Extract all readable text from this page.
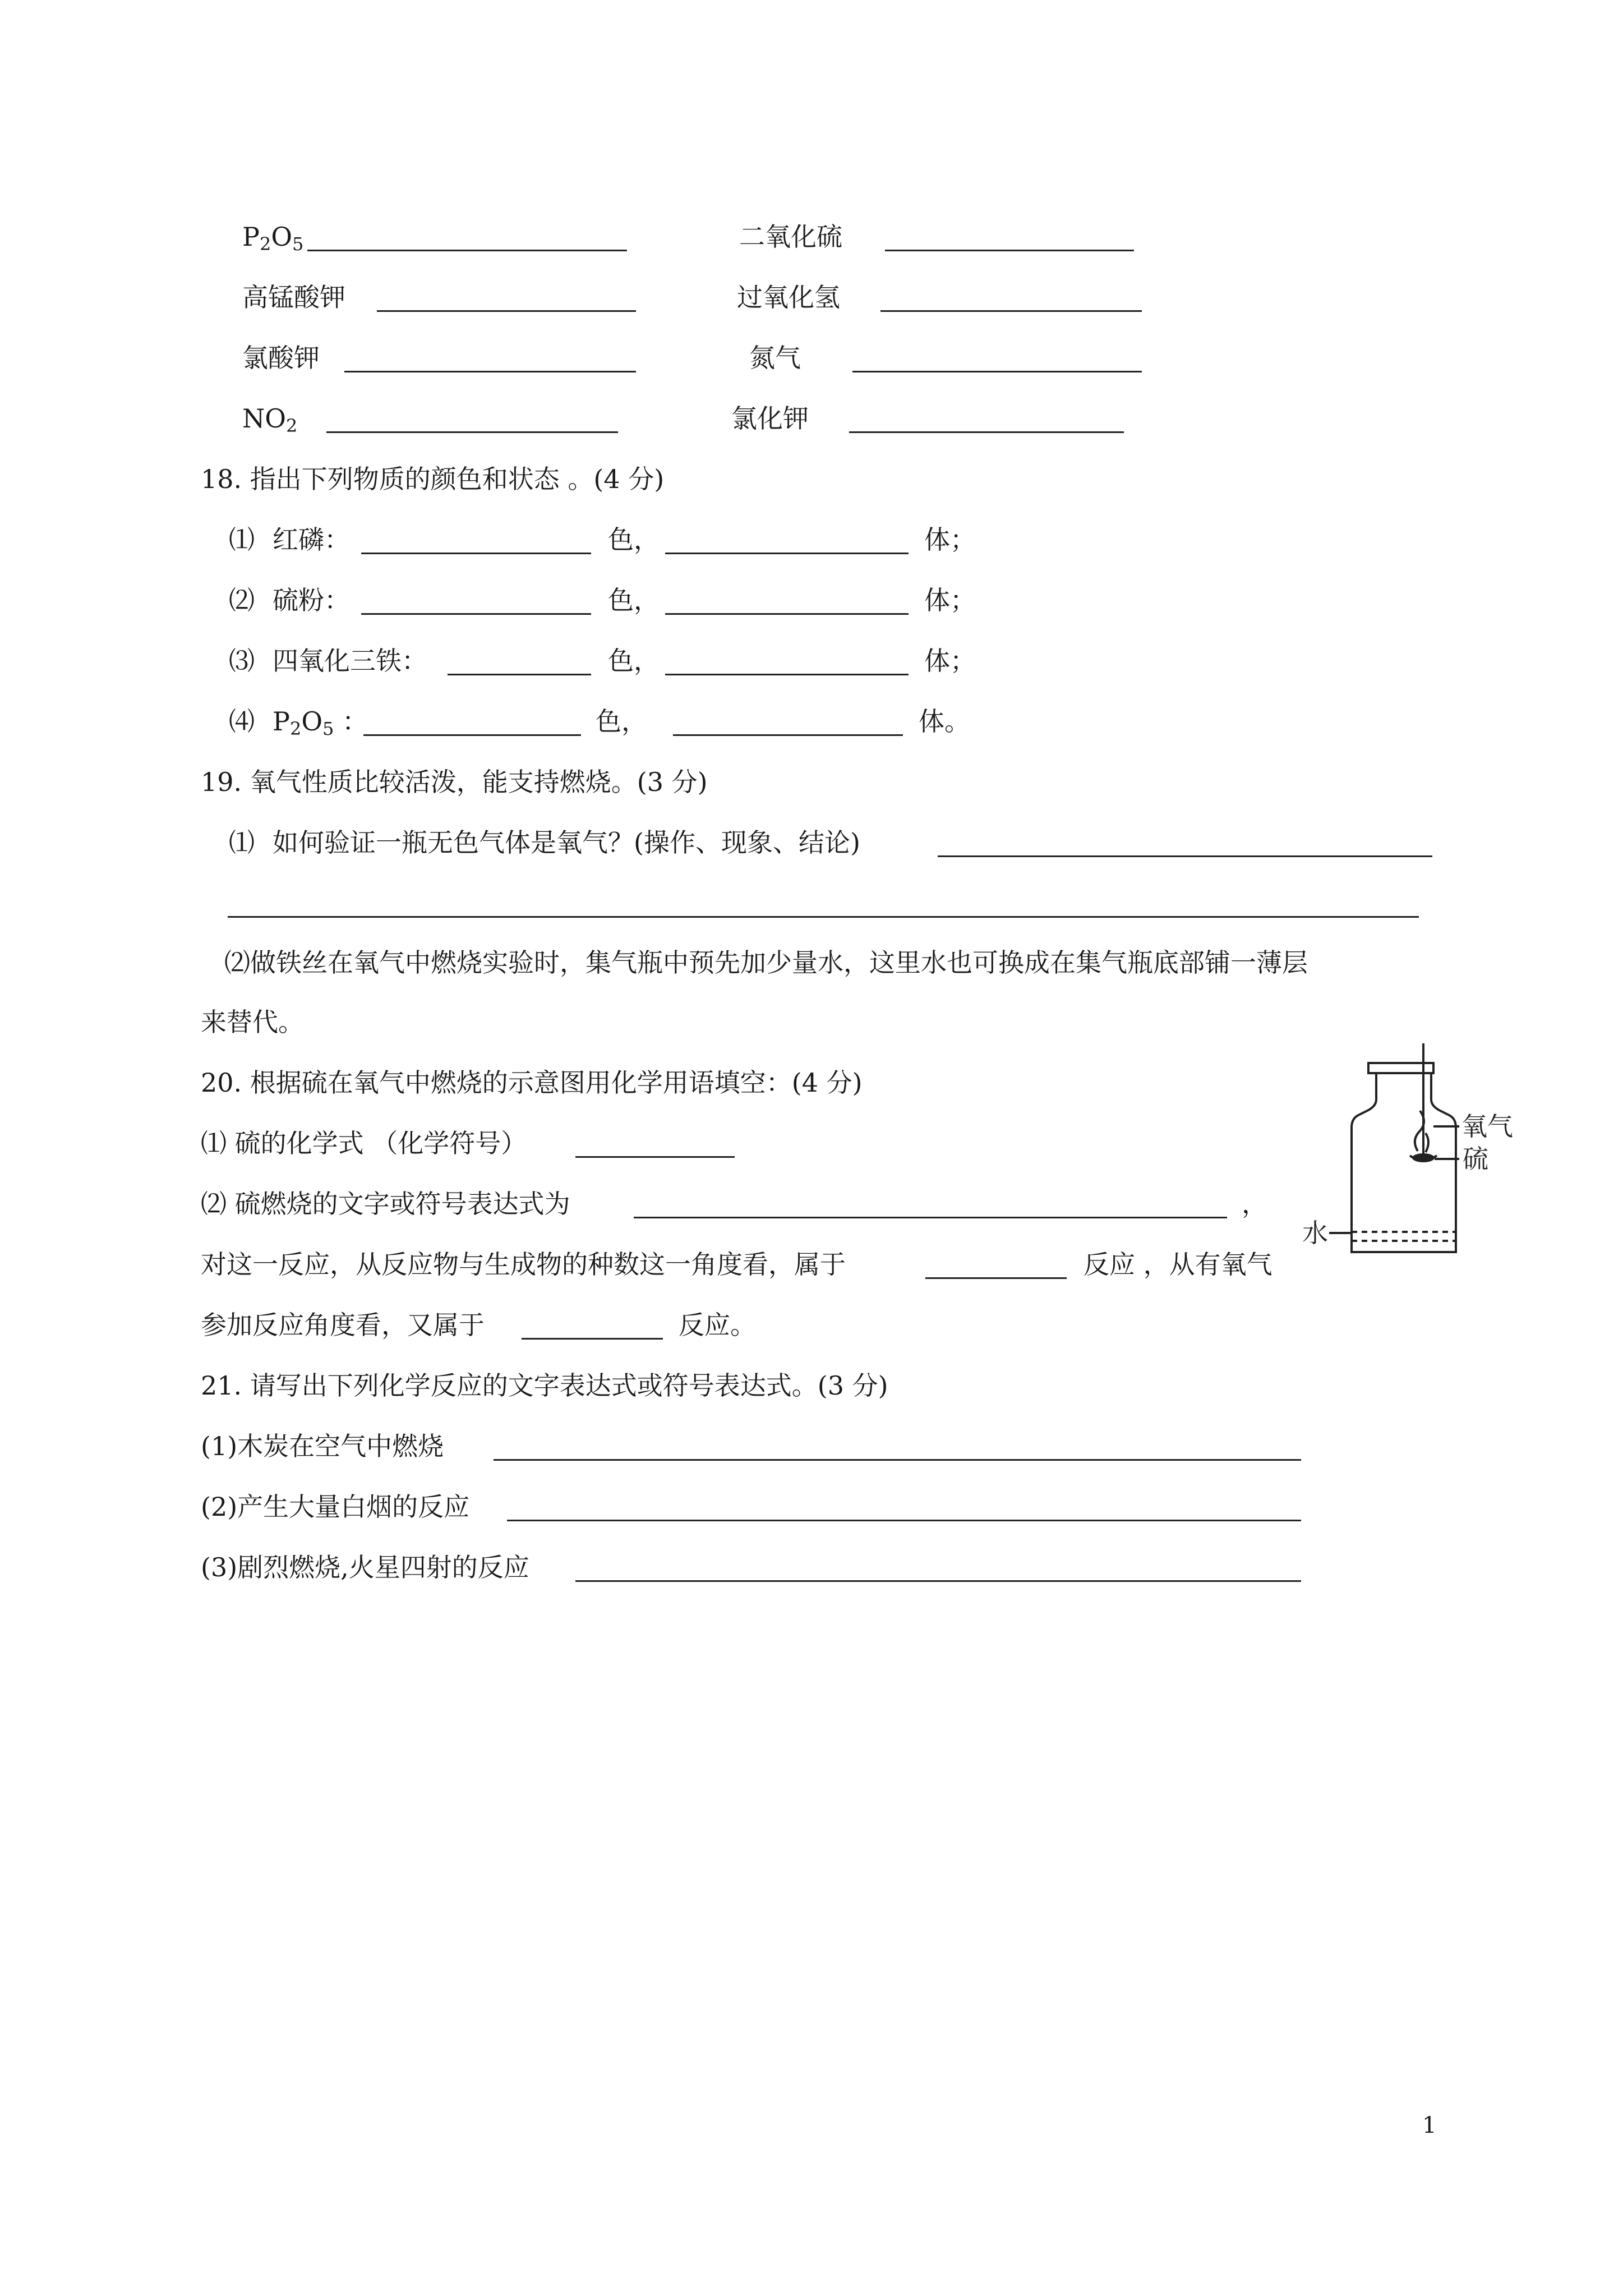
$P_2O_5$	二氧化硫
高锰酸钾	过氧化氢
氯酸钾	氮气
$NO_2$	氯化钾
18. 指出下列物质的颜色和状态 。(4 分)
⑴ 红磷：	色，	体；
⑵ 硫粉：	色，	体；
⑶ 四氧化三铁：	色，	体；
⑷ $P_2O_5$ ：	色，	体。
19. 氧气性质比较活泼，能支持燃烧。(3 分)
⑴ 如何验证一瓶无色气体是氧气？(操作、现象、结论)
⑵做铁丝在氧气中燃烧实验时，集气瓶中预先加少量水，这里水也可换成在集气瓶底部铺一薄层
来替代。
20. 根据硫在氧气中燃烧的示意图用化学用语填空：(4 分)
⑴ 硫的化学式 （化学符号）
⑵ 硫燃烧的文字或符号表达式为	，
对这一反应，从反应物与生成物的种数这一角度看，属于	反应 ，从有氧气
参加反应角度看，又属于	反应。
氧气
硫
水
21. 请写出下列化学反应的文字表达式或符号表达式。(3 分)
(1)木炭在空气中燃烧
(2)产生大量白烟的反应
(3)剧烈燃烧,火星四射的反应
1
